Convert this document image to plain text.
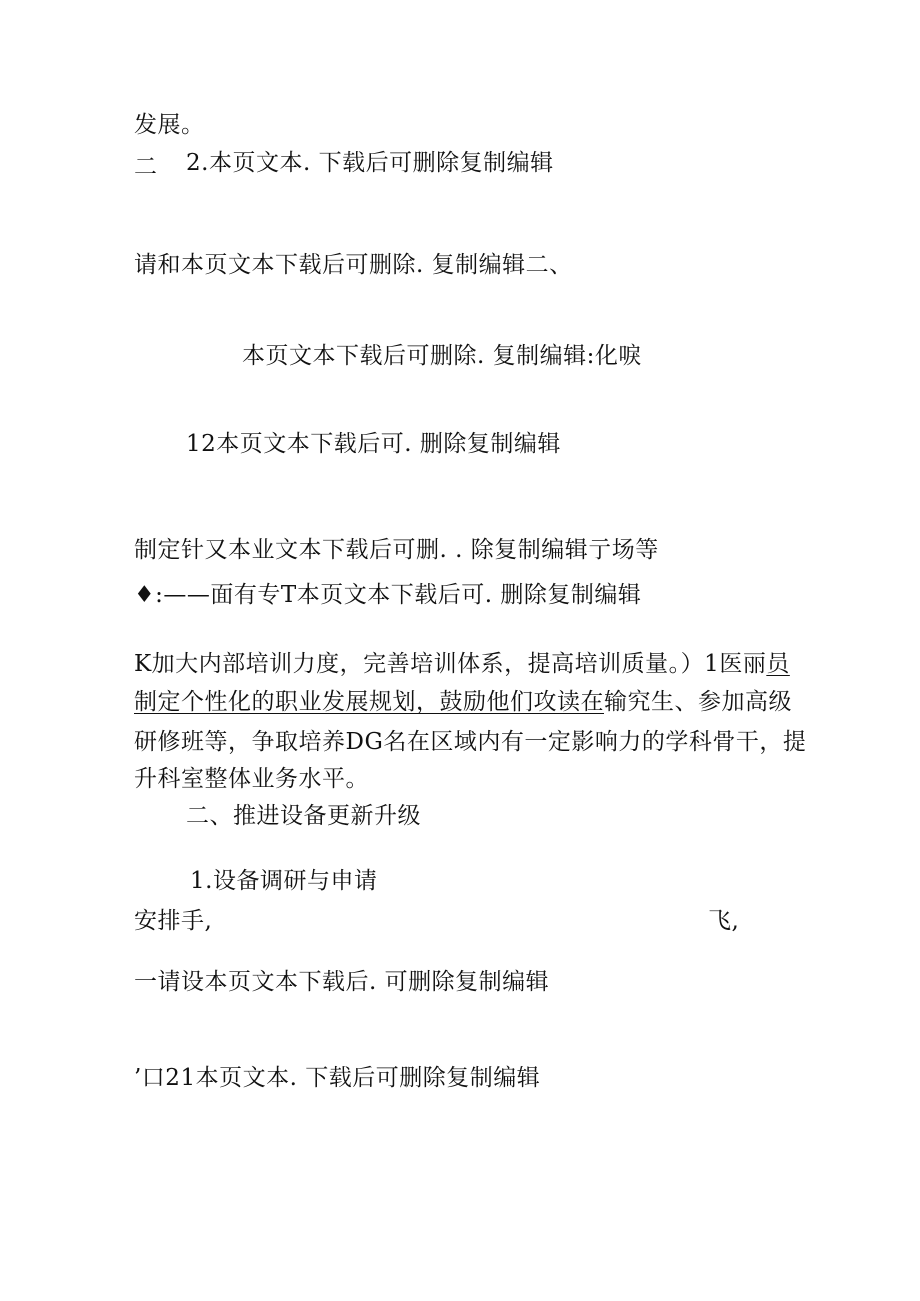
发展。
2.本页文本. 下载后可删除复制编辑
二
请和本页文本下载后可删除. 复制编辑二、
本页文本下载后可删除. 复制编辑:化唳
12本页文本下载后可. 删除复制编辑
制定针又本业文本下载后可删. . 除复制编辑亍场等
♦:——面有专T本页文本下载后可. 删除复制编辑
K加大内部培训力度，完善培训体系，提高培训质量。）1医丽员
制定个性化的职业发展规划，鼓励他们攻读在输究生、参加高级
研修班等，争取培养DG名在区域内有一定影响力的学科骨干，提
升科室整体业务水平。
二、推进设备更新升级
1.设备调研与申请
安排手,	飞,
一请设本页文本下载后. 可删除复制编辑
’口21本页文本. 下载后可删除复制编辑
